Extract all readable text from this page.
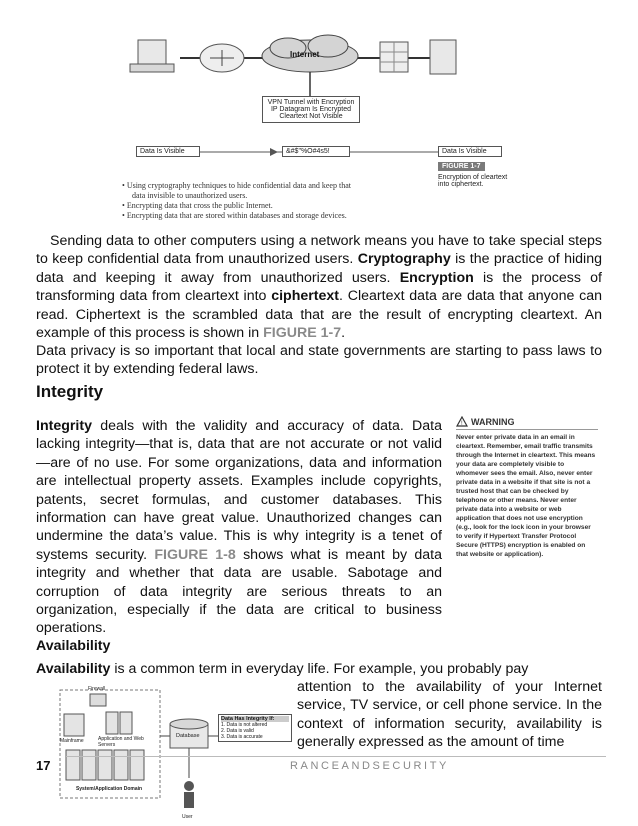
Internet
VPN Tunnel with Encryption
IP Datagram Is Encrypted
Cleartext Not Visible
Data Is Visible	&#$"%O#4s5!	Data Is Visible
FIGURE 1-7
Encryption of cleartext
into ciphertext.
• Using cryptography techniques to hide confidential data and keep that
data invisible to unauthorized users.
• Encrypting data that cross the public Internet.
• Encrypting data that are stored within databases and storage devices.
Sending data to other computers using a network means you have to take special steps to keep confidential data from unauthorized users. Cryptography is the practice of hiding data and keeping it away from unauthorized users. Encryption is the process of transforming data from cleartext into ciphertext. Cleartext data are data that anyone can read. Ciphertext is the scrambled data that are the result of encrypting cleartext. An example of this process is shown in FIGURE 1-7.
Data privacy is so important that local and state governments are starting to pass laws to protect it by extending federal laws.
Integrity
Integrity deals with the validity and accuracy of data. Data lacking integrity—that is, data that are not accurate or not valid—are of no use. For some organizations, data and information are intellectual property assets. Examples include copyrights, patents, secret formulas, and customer databases. This information can have great value. Unauthorized changes can undermine the data’s value. This is why integrity is a tenet of systems security. FIGURE 1-8 shows what is meant by data integrity and whether that data are usable. Sabotage and corruption of data integrity are serious threats to an organization, especially if the data are critical to business operations.
! WARNING
Never enter private data in an email in cleartext. Remember, email traffic transmits through the Internet in cleartext. This means your data are completely visible to whomever sees the email. Also, never enter private data in a website if that site is not a trusted host that can be checked by telephone or other means. Never enter private data into a website or web application that does not use encryption (e.g., look for the lock icon in your browser to verify if Hypertext Transfer Protocol Secure (HTTPS) encryption is enabled on that website or application).
Availability
Availability is a common term in everyday life. For example, you probably pay
attention to the availability of your Internet service, TV service, or cell phone service. In the context of information security, availability is generally expressed as the amount of time
Firewall
Mainframe	Application and Web Servers
Database
Data Has Integrity If:
1. Data is not altered
2. Data is valid
3. Data is accurate
System/Application Domain
User
17	RANCEANDSECURITY
